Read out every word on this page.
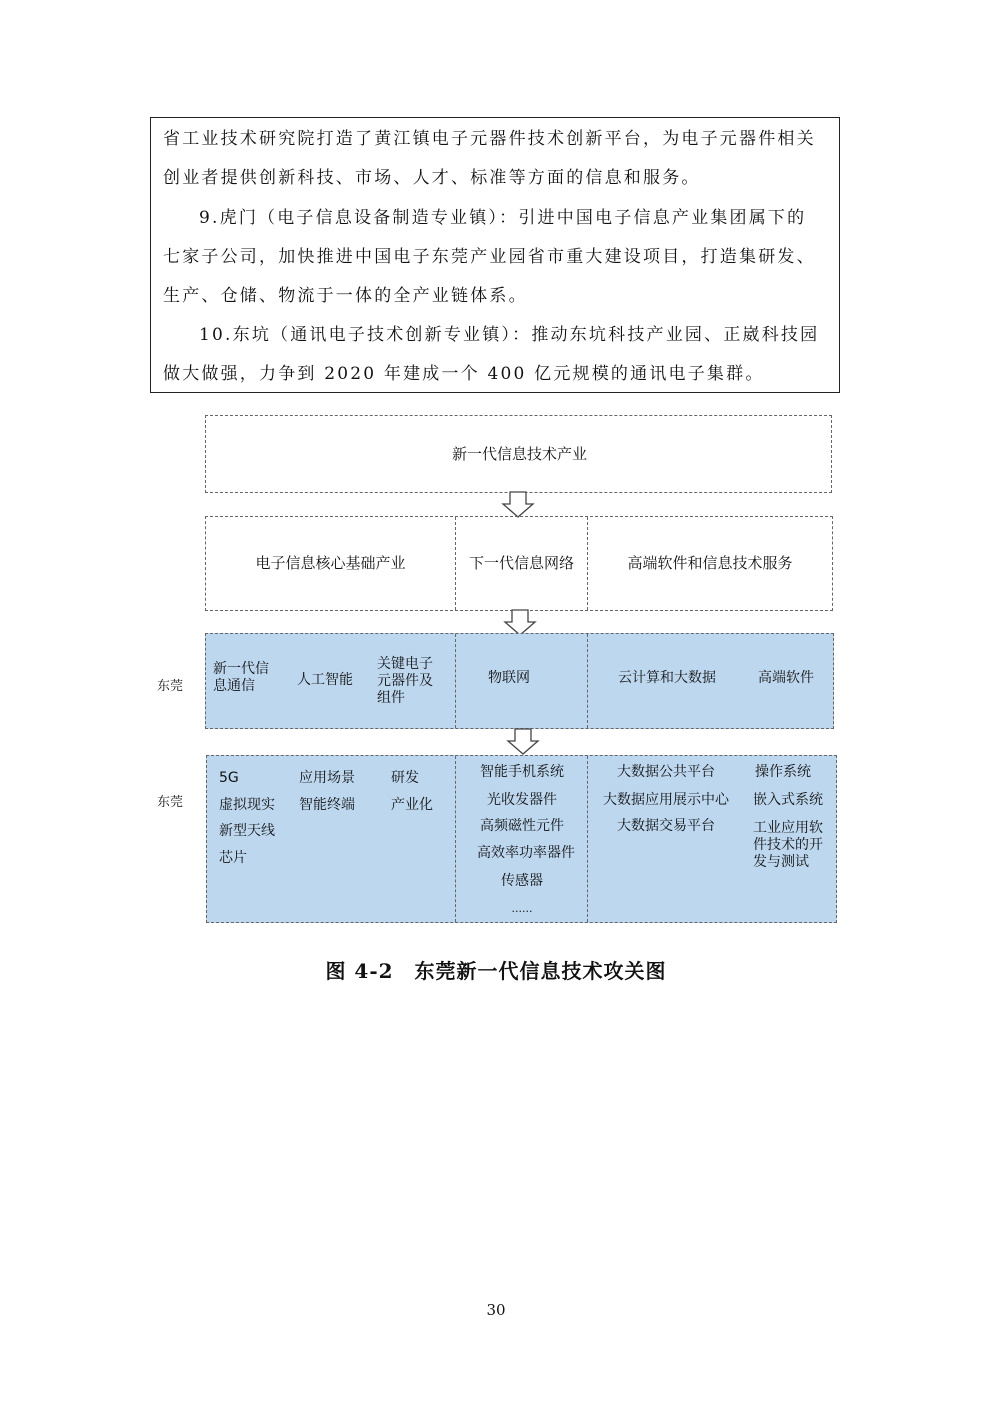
省工业技术研究院打造了黄江镇电子元器件技术创新平台，为电子元器件相关
创业者提供创新科技、市场、人才、标准等方面的信息和服务。
9.虎门（电子信息设备制造专业镇）：引进中国电子信息产业集团属下的
七家子公司，加快推进中国电子东莞产业园省市重大建设项目，打造集研发、
生产、仓储、物流于一体的全产业链体系。
10.东坑（通讯电子技术创新专业镇）：推动东坑科技产业园、正崴科技园
做大做强，力争到 2020 年建成一个 400 亿元规模的通讯电子集群。
新一代信息技术产业
电子信息核心基础产业	下一代信息网络	高端软件和信息技术服务
东莞
新一代信
息通信	人工智能
关键电子
元器件及
组件
物联网	云计算和大数据	高端软件
东莞
5G
虚拟现实
新型天线
芯片
应用场景
智能终端
研发
产业化
智能手机系统
光收发器件
高频磁性元件
高效率功率器件
传感器
......
大数据公共平台
大数据应用展示中心
大数据交易平台
操作系统
嵌入式系统
工业应用软
件技术的开
发与测试
图 4-2　东莞新一代信息技术攻关图
30
